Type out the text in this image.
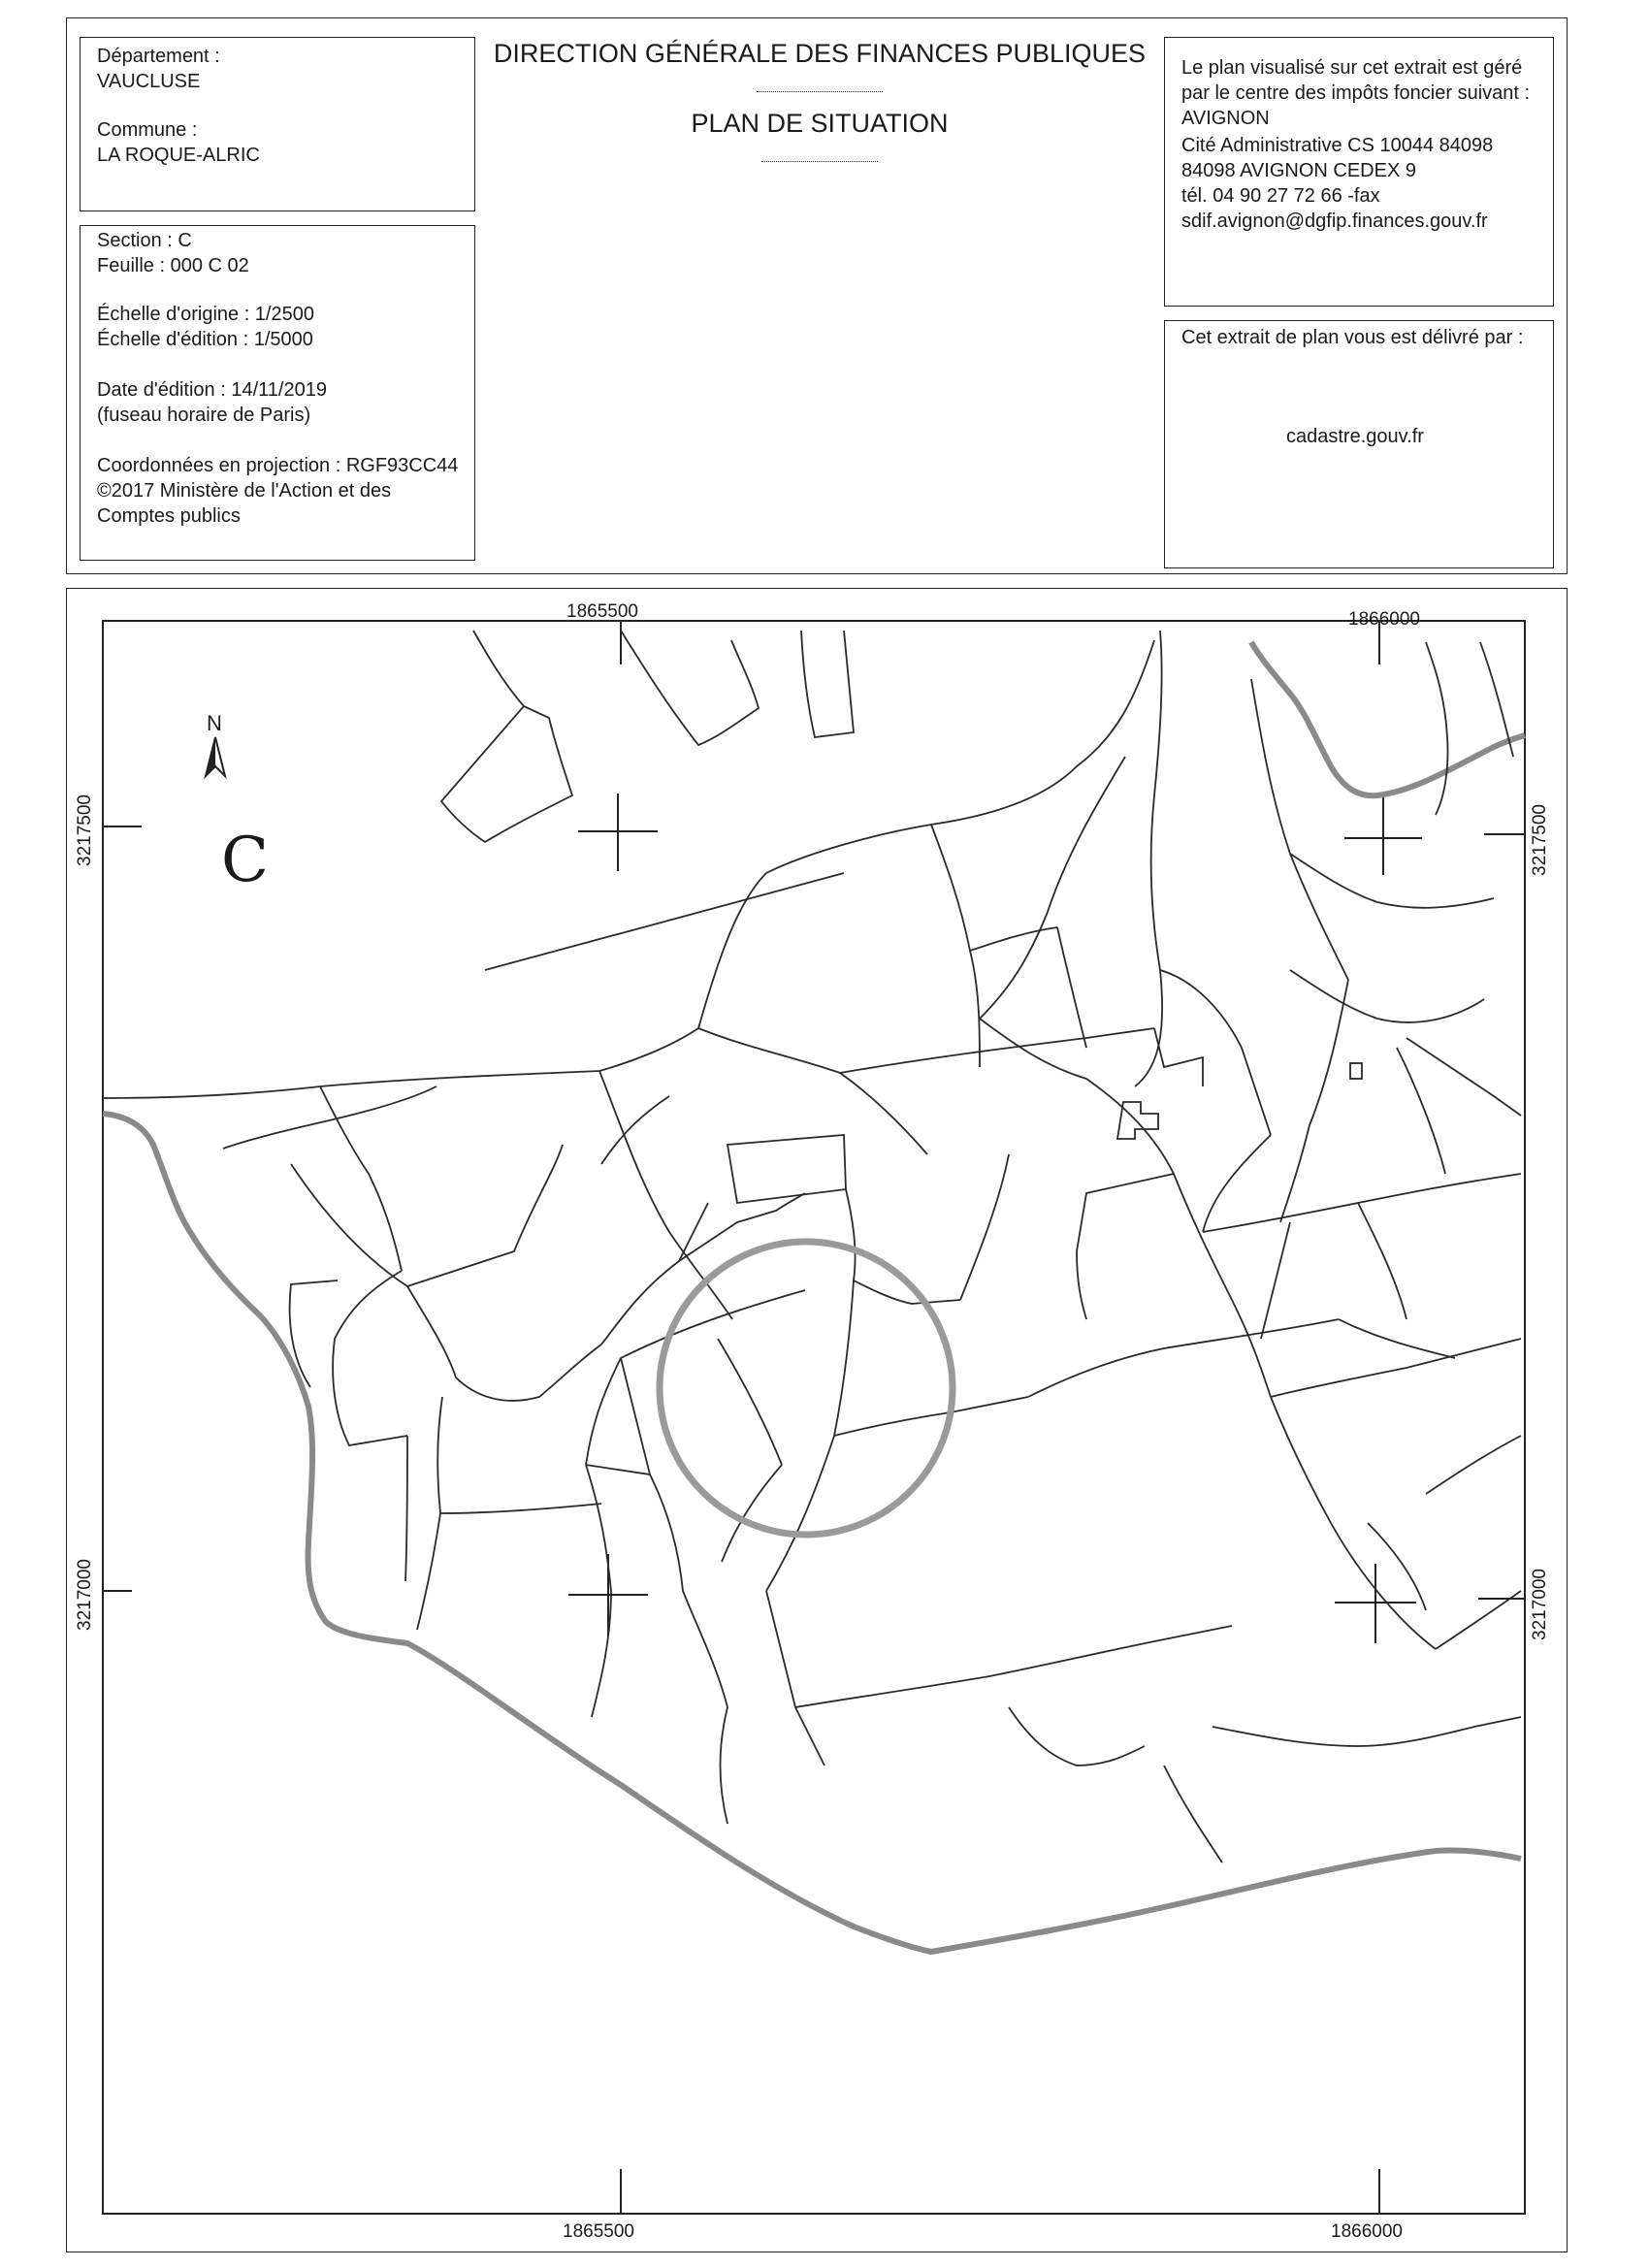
Département :
VAUCLUSE
Commune :
LA ROQUE-ALRIC
Section : C
Feuille : 000 C 02
Échelle d'origine : 1/2500
Échelle d'édition : 1/5000
Date d'édition : 14/11/2019
(fuseau horaire de Paris)
Coordonnées en projection : RGF93CC44
©2017 Ministère de l'Action et des
Comptes publics
DIRECTION GÉNÉRALE DES FINANCES PUBLIQUES
PLAN DE SITUATION
Le plan visualisé sur cet extrait est géré
par le centre des impôts foncier suivant :
AVIGNON
Cité Administrative CS 10044 84098
84098 AVIGNON CEDEX 9
tél. 04 90 27 72 66 -fax
sdif.avignon@dgfip.finances.gouv.fr
Cet extrait de plan vous est délivré par :
cadastre.gouv.fr
C
N
1865500	1866000
1865500	1866000
3217500
3217000
3217500
3217000
